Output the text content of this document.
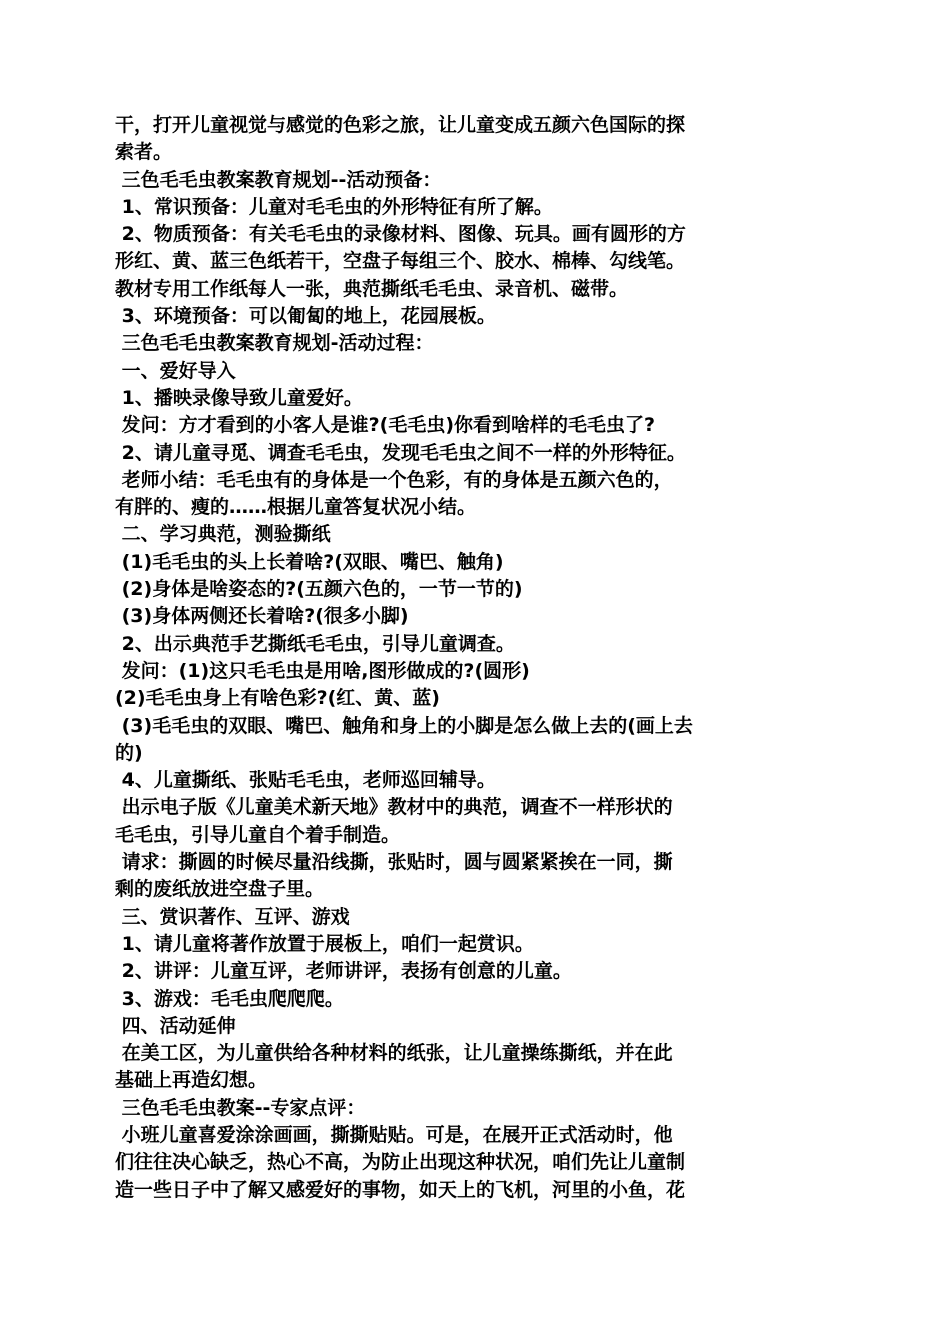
干，打开儿童视觉与感觉的色彩之旅，让儿童变成五颜六色国际的探
索者。
三色毛毛虫教案教育规划--活动预备：
1、常识预备：儿童对毛毛虫的外形特征有所了解。
2、物质预备：有关毛毛虫的录像材料、图像、玩具。画有圆形的方
形红、黄、蓝三色纸若干，空盘子每组三个、胶水、棉棒、勾线笔。
教材专用工作纸每人一张，典范撕纸毛毛虫、录音机、磁带。
3、环境预备：可以匍匐的地上，花园展板。
三色毛毛虫教案教育规划-活动过程：
一、爱好导入
1、播映录像导致儿童爱好。
发问：方才看到的小客人是谁?(毛毛虫)你看到啥样的毛毛虫了?
2、请儿童寻觅、调查毛毛虫，发现毛毛虫之间不一样的外形特征。
老师小结：毛毛虫有的身体是一个色彩，有的身体是五颜六色的，
有胖的、瘦的……根据儿童答复状况小结。
二、学习典范，测验撕纸
(1)毛毛虫的头上长着啥?(双眼、嘴巴、触角)
(2)身体是啥姿态的?(五颜六色的，一节一节的)
(3)身体两侧还长着啥?(很多小脚)
2、出示典范手艺撕纸毛毛虫，引导儿童调查。
发问：(1)这只毛毛虫是用啥,图形做成的?(圆形)
(2)毛毛虫身上有啥色彩?(红、黄、蓝)
(3)毛毛虫的双眼、嘴巴、触角和身上的小脚是怎么做上去的(画上去
的)
4、儿童撕纸、张贴毛毛虫，老师巡回辅导。
出示电子版《儿童美术新天地》教材中的典范，调查不一样形状的
毛毛虫，引导儿童自个着手制造。
请求：撕圆的时候尽量沿线撕，张贴时，圆与圆紧紧挨在一同，撕
剩的废纸放进空盘子里。
三、赏识著作、互评、游戏
1、请儿童将著作放置于展板上，咱们一起赏识。
2、讲评：儿童互评，老师讲评，表扬有创意的儿童。
3、游戏：毛毛虫爬爬爬。
四、活动延伸
在美工区，为儿童供给各种材料的纸张，让儿童操练撕纸，并在此
基础上再造幻想。
三色毛毛虫教案--专家点评：
小班儿童喜爱涂涂画画，撕撕贴贴。可是，在展开正式活动时，他
们往往决心缺乏，热心不高，为防止出现这种状况，咱们先让儿童制
造一些日子中了解又感爱好的事物，如天上的飞机，河里的小鱼，花
